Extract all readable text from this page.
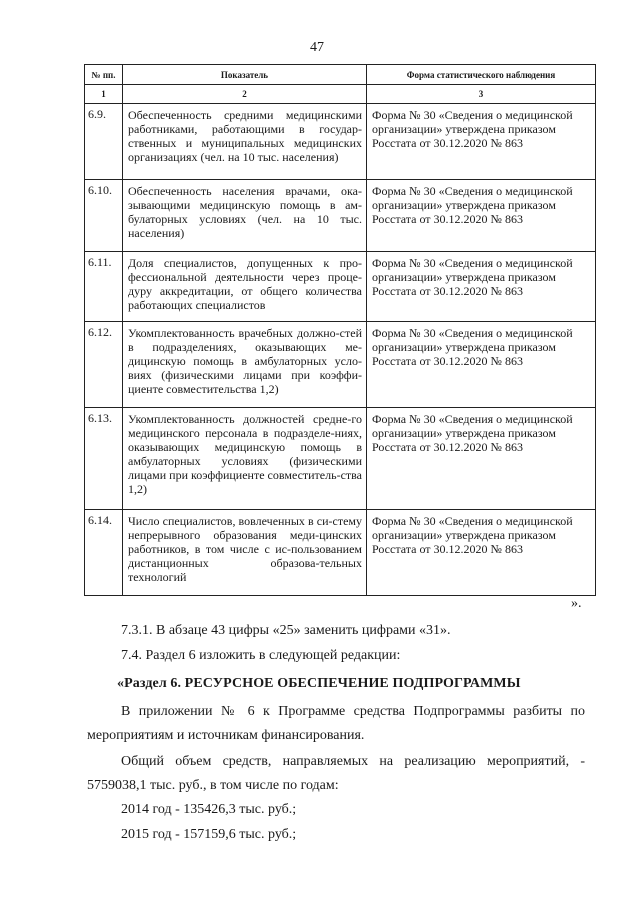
47
№ пп.	Показатель	Форма статистического наблюдения
1	2	3
6.9.	Обеспеченность средними медицинскими работниками, работающими в государ-ственных и муниципальных медицинских организациях (чел. на 10 тыс. населения)	Форма № 30 «Сведения о медицинской организации» утверждена приказом Росстата от 30.12.2020 № 863
6.10.	Обеспеченность населения врачами, ока-зывающими медицинскую помощь в ам-булаторных условиях (чел. на 10 тыс. населения)	Форма № 30 «Сведения о медицинской организации» утверждена приказом Росстата от 30.12.2020 № 863
6.11.	Доля специалистов, допущенных к про-фессиональной деятельности через проце-дуру аккредитации, от общего количества работающих специалистов	Форма № 30 «Сведения о медицинской организации» утверждена приказом Росстата от 30.12.2020 № 863
6.12.	Укомплектованность врачебных должно-стей в подразделениях, оказывающих ме-дицинскую помощь в амбулаторных усло-виях (физическими лицами при коэффи-циенте совместительства 1,2)	Форма № 30 «Сведения о медицинской организации» утверждена приказом Росстата от 30.12.2020 № 863
6.13.	Укомплектованность должностей средне-го медицинского персонала в подразделе-ниях, оказывающих медицинскую помощь в амбулаторных условиях (физическими лицами при коэффициенте совместитель-ства 1,2)	Форма № 30 «Сведения о медицинской организации» утверждена приказом Росстата от 30.12.2020 № 863
6.14.	Число специалистов, вовлеченных в си-стему непрерывного образования меди-цинских работников, в том числе с ис-пользованием дистанционных образова-тельных технологий	Форма № 30 «Сведения о медицинской организации» утверждена приказом Росстата от 30.12.2020 № 863
».
7.3.1. В абзаце 43 цифры «25» заменить цифрами «31».
7.4. Раздел 6 изложить в следующей редакции:
«Раздел 6. РЕСУРСНОЕ ОБЕСПЕЧЕНИЕ ПОДПРОГРАММЫ
В приложении № 6 к Программе средства Подпрограммы разбиты по мероприятиям и источникам финансирования.
Общий объем средств, направляемых на реализацию мероприятий, - 5759038,1 тыс. руб., в том числе по годам:
2014 год - 135426,3 тыс. руб.;
2015 год - 157159,6 тыс. руб.;
